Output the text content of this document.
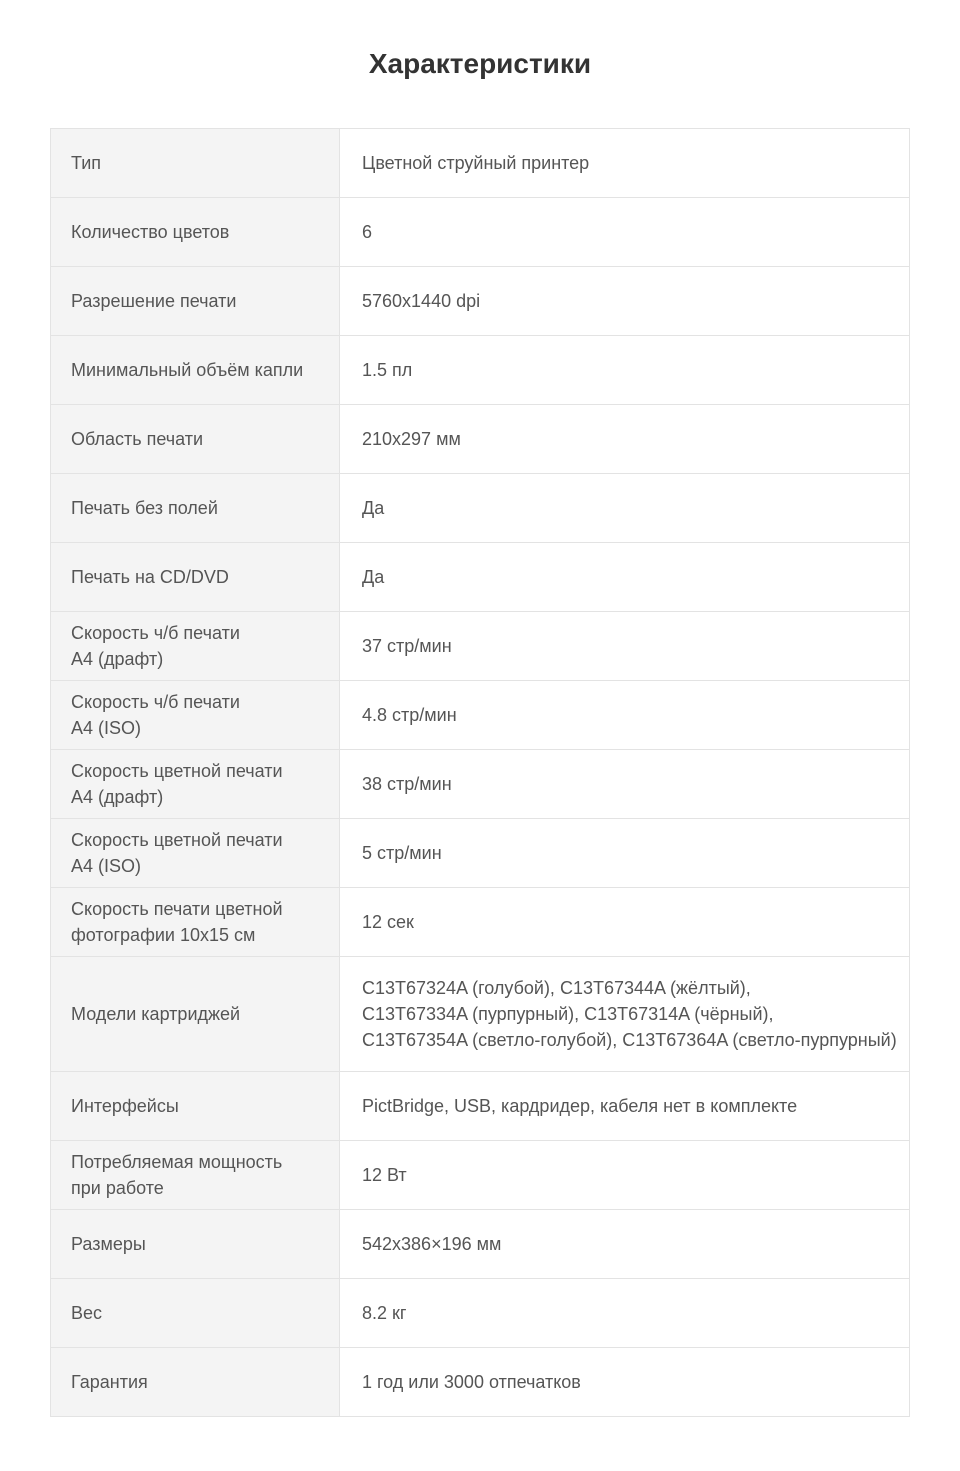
Характеристики
Тип	Цветной струйный принтер

Количество цветов	6

Разрешение печати	5760x1440 dpi

Минимальный объём капли	1.5 пл

Область печати	210x297 мм

Печать без полей	Да

Печать на CD/DVD	Да

Скорость ч/б печати
A4 (драфт)	37 стр/мин

Скорость ч/б печати
A4 (ISO)	4.8 стр/мин

Скорость цветной печати
A4 (драфт)	38 стр/мин

Скорость цветной печати
A4 (ISO)	5 стр/мин

Скорость печати цветной
фотографии 10x15 см	12 сек

Модели картриджей	C13T67324A (голубой), C13T67344A (жёлтый),
C13T67334A (пурпурный), C13T67314A (чёрный),
C13T67354A (светло-голубой), C13T67364A (светло-пурпурный)

Интерфейсы	PictBridge, USB, кардридер, кабеля нет в комплекте

Потребляемая мощность
при работе	12 Вт

Размеры	542x386×196 мм

Вес	8.2 кг

Гарантия	1 год или 3000 отпечатков
